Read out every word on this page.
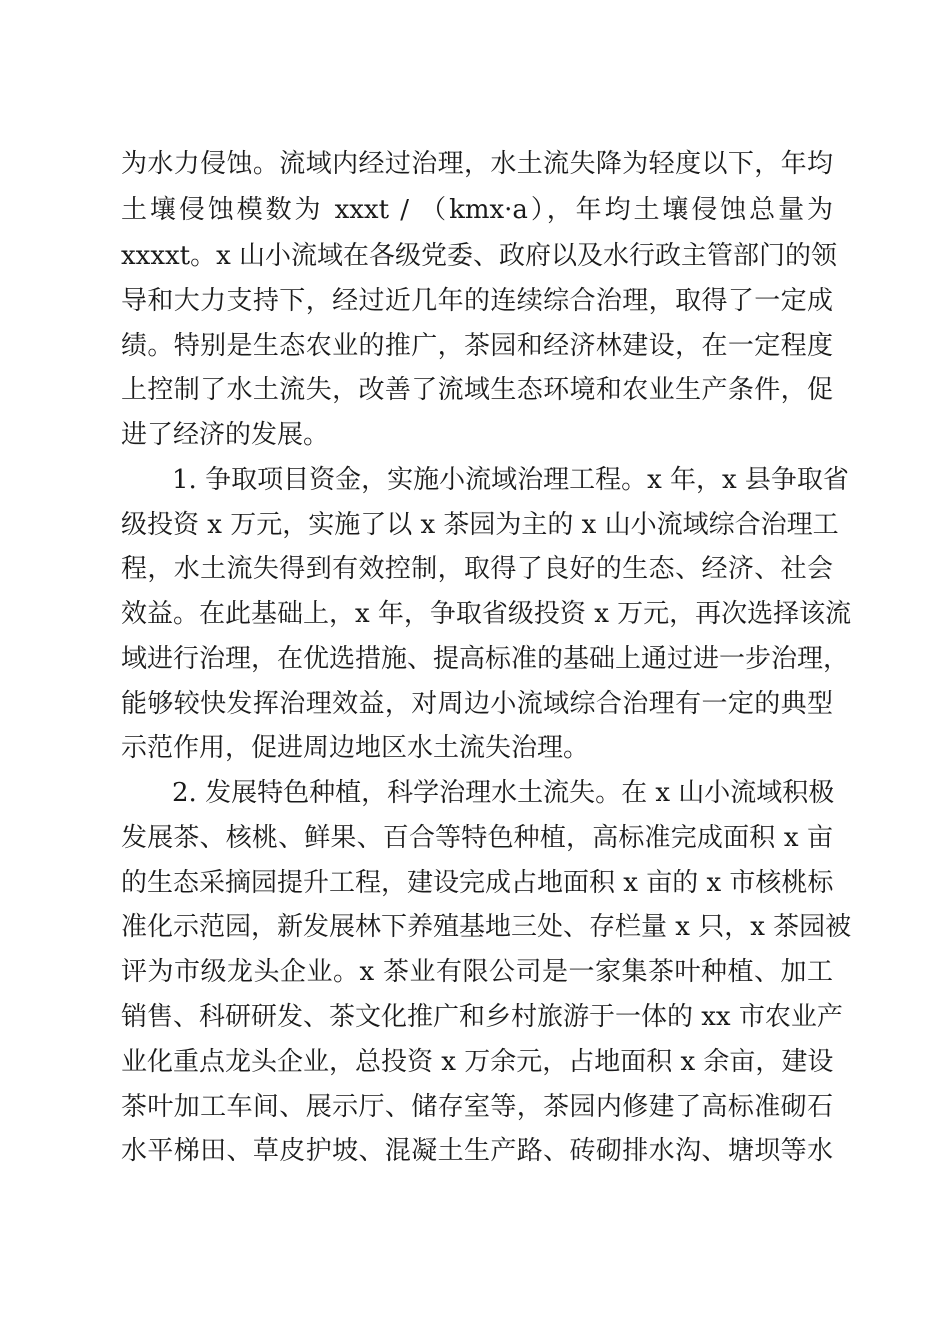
为水力侵蚀。流域内经过治理，水土流失降为轻度以下，年均
土壤侵蚀模数为 xxxt / （kmx·a），年均土壤侵蚀总量为
xxxxt。x 山小流域在各级党委、政府以及水行政主管部门的领
导和大力支持下，经过近几年的连续综合治理，取得了一定成
绩。特别是生态农业的推广，茶园和经济林建设，在一定程度
上控制了水土流失，改善了流域生态环境和农业生产条件，促
进了经济的发展。
1. 争取项目资金，实施小流域治理工程。x 年，x 县争取省
级投资 x 万元，实施了以 x 茶园为主的 x 山小流域综合治理工
程，水土流失得到有效控制，取得了良好的生态、经济、社会
效益。在此基础上，x 年，争取省级投资 x 万元，再次选择该流
域进行治理，在优选措施、提高标准的基础上通过进一步治理，
能够较快发挥治理效益，对周边小流域综合治理有一定的典型
示范作用，促进周边地区水土流失治理。
2. 发展特色种植，科学治理水土流失。在 x 山小流域积极
发展茶、核桃、鲜果、百合等特色种植，高标准完成面积 x 亩
的生态采摘园提升工程，建设完成占地面积 x 亩的 x 市核桃标
准化示范园，新发展林下养殖基地三处、存栏量 x 只，x 茶园被
评为市级龙头企业。x 茶业有限公司是一家集茶叶种植、加工
销售、科研研发、茶文化推广和乡村旅游于一体的 xx 市农业产
业化重点龙头企业，总投资 x 万余元，占地面积 x 余亩，建设
茶叶加工车间、展示厅、储存室等，茶园内修建了高标准砌石
水平梯田、草皮护坡、混凝土生产路、砖砌排水沟、塘坝等水
